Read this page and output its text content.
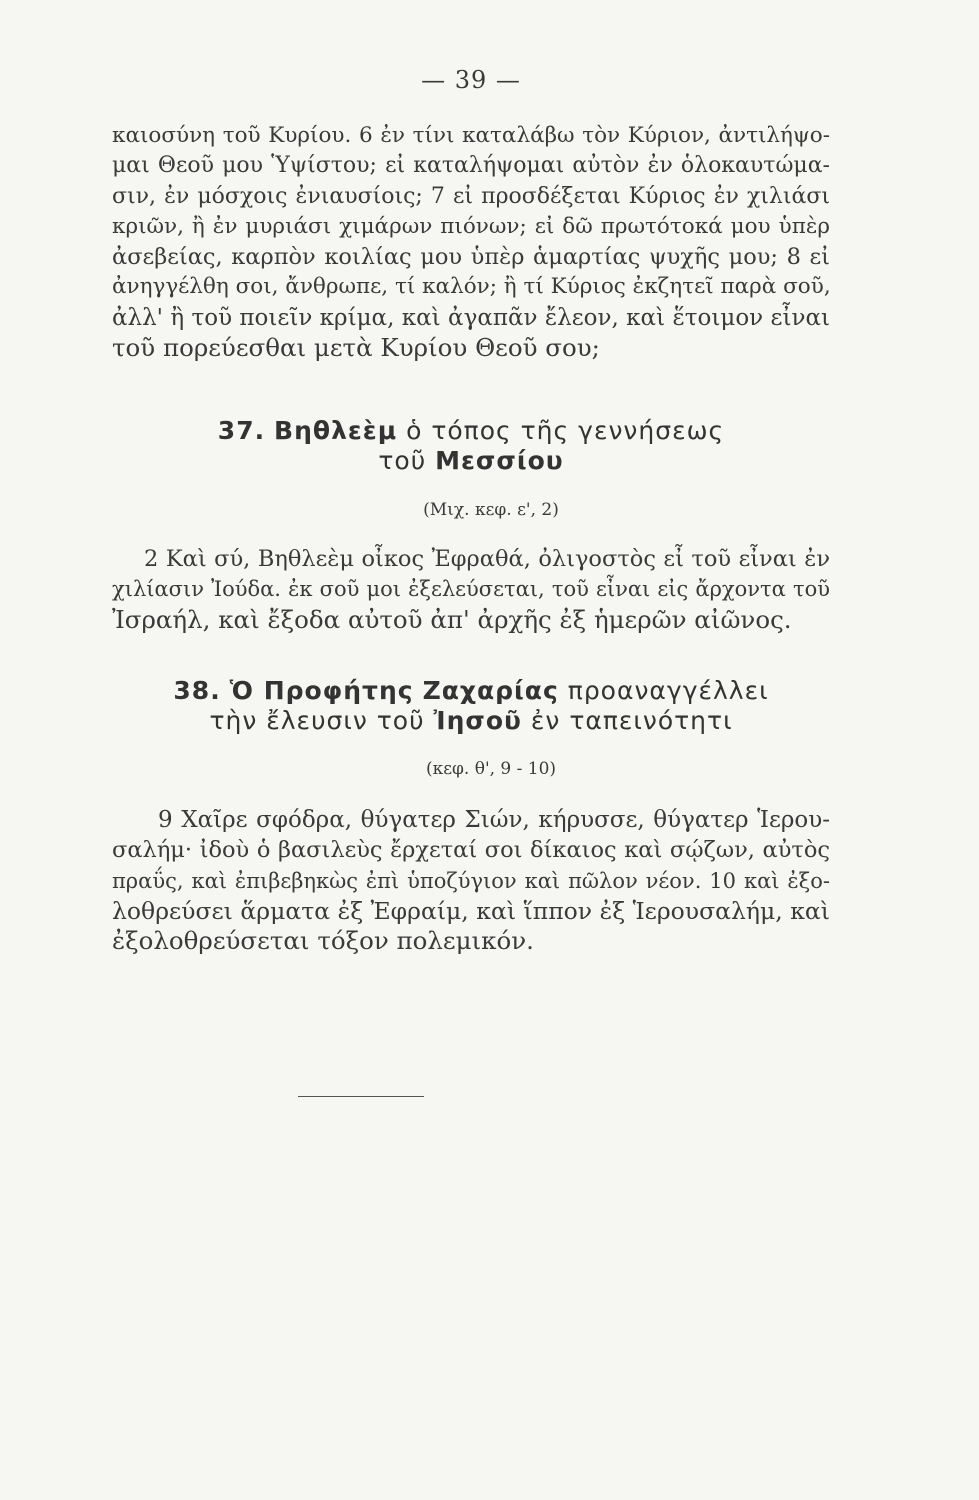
— 39 —

καιοσύνη τοῦ Κυρίου. 6 ἐν τίνι καταλάβω τὸν Κύριον, ἀντιλήψο-
μαι Θεοῦ μου Ὑψίστου; εἰ καταλήψομαι αὐτὸν ἐν ὁλοκαυτώμα-
σιν, ἐν μόσχοις ἐνιαυσίοις; 7 εἰ προσδέξεται Κύριος ἐν χιλιάσι
κριῶν, ἢ ἐν μυριάσι χιμάρων πιόνων; εἰ δῶ πρωτότοκά μου ὑπὲρ
ἀσεβείας, καρπὸν κοιλίας μου ὑπὲρ ἁμαρτίας ψυχῆς μου; 8 εἰ
ἀνηγγέλθη σοι, ἄνθρωπε, τί καλόν; ἢ τί Κύριος ἐκζητεῖ παρὰ σοῦ,
ἀλλ' ἢ τοῦ ποιεῖν κρίμα, καὶ ἀγαπᾶν ἔλεον, καὶ ἕτοιμον εἶναι
τοῦ πορεύεσθαι μετὰ Κυρίου Θεοῦ σου;

37. Βηθλεὲμ ὁ τόπος τῆς γεννήσεως
τοῦ Μεσσίου
(Μιχ. κεφ. ε', 2)

2 Καὶ σύ, Βηθλεὲμ οἶκος Ἐφραθά, ὀλιγοστὸς εἶ τοῦ εἶναι ἐν
χιλίασιν Ἰούδα. ἐκ σοῦ μοι ἐξελεύσεται, τοῦ εἶναι εἰς ἄρχοντα τοῦ
Ἰσραήλ, καὶ ἔξοδα αὐτοῦ ἀπ' ἀρχῆς ἐξ ἡμερῶν αἰῶνος.

38. Ὁ Προφήτης Ζαχαρίας προαναγγέλλει
τὴν ἔλευσιν τοῦ Ἰησοῦ ἐν ταπεινότητι
(κεφ. θ', 9 - 10)

9 Χαῖρε σφόδρα, θύγατερ Σιών, κήρυσσε, θύγατερ Ἱερου-
σαλήμ· ἰδοὺ ὁ βασιλεὺς ἔρχεταί σοι δίκαιος καὶ σῴζων, αὐτὸς
πραΰς, καὶ ἐπιβεβηκὼς ἐπὶ ὑποζύγιον καὶ πῶλον νέον. 10 καὶ ἐξο-
λοθρεύσει ἅρματα ἐξ Ἐφραίμ, καὶ ἵππον ἐξ Ἱερουσαλήμ, καὶ
ἐξολοθρεύσεται τόξον πολεμικόν.
